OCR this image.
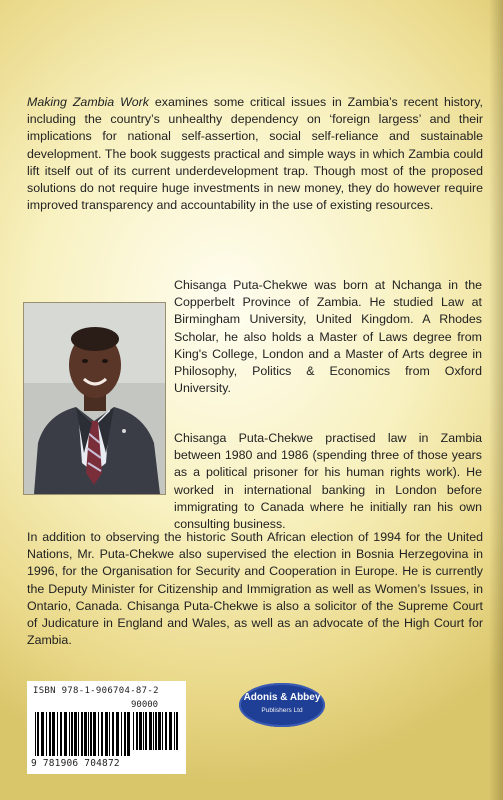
Making Zambia Work examines some critical issues in Zambia’s recent history, including the country’s unhealthy dependency on ‘foreign largess’ and their implications for national self-assertion, social self-reliance and sustainable development. The book suggests practical and simple ways in which Zambia could lift itself out of its current underdevelopment trap. Though most of the proposed solutions do not require huge investments in new money, they do however require improved transparency and accountability in the use of existing resources.

Chisanga Puta-Chekwe was born at Nchanga in the Copperbelt Province of Zambia. He studied Law at Birmingham University, United Kingdom. A Rhodes Scholar, he also holds a Master of Laws degree from King's College, London and a Master of Arts degree in Philosophy, Politics & Economics from Oxford University.

Chisanga Puta-Chekwe practised law in Zambia between 1980 and 1986 (spending three of those years as a political prisoner for his human rights work). He worked in international banking in London before immigrating to Canada where he initially ran his own consulting business.

In addition to observing the historic South African election of 1994 for the United Nations, Mr. Puta-Chekwe also supervised the election in Bosnia Herzegovina in 1996, for the Organisation for Security and Cooperation in Europe. He is currently the Deputy Minister for Citizenship and Immigration as well as Women’s Issues, in Ontario, Canada. Chisanga Puta-Chekwe is also a solicitor of the Supreme Court of Judicature in England and Wales, as well as an advocate of the High Court for Zambia.

ISBN 978-1-906704-87-2
90000
9 781906 704872
Adonis & Abbey
Publishers Ltd
